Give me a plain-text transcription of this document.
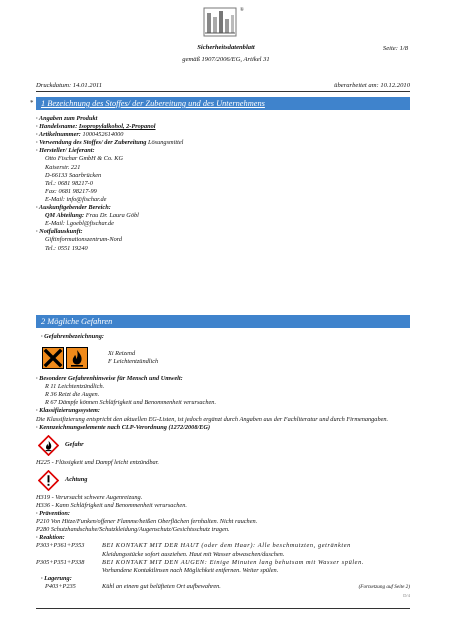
®
Sicherheitsdatenblatt
gemäß 1907/2006/EG, Artikel 31
Seite: 1/8
Druckdatum: 14.01.2011	überarbeitet am: 10.12.2010
* 1 Bezeichnung des Stoffes/ der Zubereitung und des Unternehmens
· Angaben zum Produkt
· Handelsname: Isopropylalkohol, 2-Propanol
· Artikelnummer: 1000452614000
· Verwendung des Stoffes/ der Zubereitung Lösungsmittel
· Hersteller/ Lieferant:
Otto Fischar GmbH & Co. KG
Kaiserstr. 221
D-66133 Saarbrücken
Tel.: 0681 98217-0
Fax: 0681 98217-99
E-Mail: info@fischar.de
· Auskunftgebender Bereich:
QM Abteilung: Frau Dr. Laura Göbl
E-Mail: l.goebl@fischar.de
· Notfallauskunft:
Giftinformationszentrum-Nord
Tel.: 0551 19240
2 Mögliche Gefahren
· Gefahrenbezeichnung:
Xi Reizend
F Leichtentzündlich
· Besondere Gefahrenhinweise für Mensch und Umwelt:
R 11 Leichtentzündlich.
R 36 Reizt die Augen.
R 67 Dämpfe können Schläfrigkeit und Benommenheit verursachen.
· Klassifizierungssystem:
Die Klassifizierung entspricht den aktuellen EG-Listen, ist jedoch ergänzt durch Angaben aus der Fachliteratur und durch Firmenangaben.
· Kennzeichnungselemente nach CLP-Verordnung (1272/2008/EG)
Gefahr
H225 - Flüssigkeit und Dampf leicht entzündbar.
Achtung
H319 - Verursacht schwere Augenreizung.
H336 - Kann Schläfrigkeit und Benommenheit verursachen.
· Prävention:
P210 Von Hitze/Funken/offener Flamme/heißen Oberflächen fernhalten. Nicht rauchen.
P280 Schutzhandschuhe/Schutzkleidung/Augenschutz/Gesichtsschutz tragen.
· Reaktion:
P303+P361+P353	BEI KONTAKT MIT DER HAUT (oder dem Haar): Alle beschmutzten, getränkten
Kleidungsstücke sofort ausziehen. Haut mit Wasser abwaschen/duschen.
P305+P351+P338	BEI KONTAKT MIT DEN AUGEN: Einige Minuten lang behutsam mit Wasser spülen.
Vorhandene Kontaktlinsen nach Möglichkeit entfernen. Weiter spülen.
· Lagerung:
P403+P235	Kühl an einem gut belüfteten Ort aufbewahren.	(Fortsetzung auf Seite 2)
D/4
